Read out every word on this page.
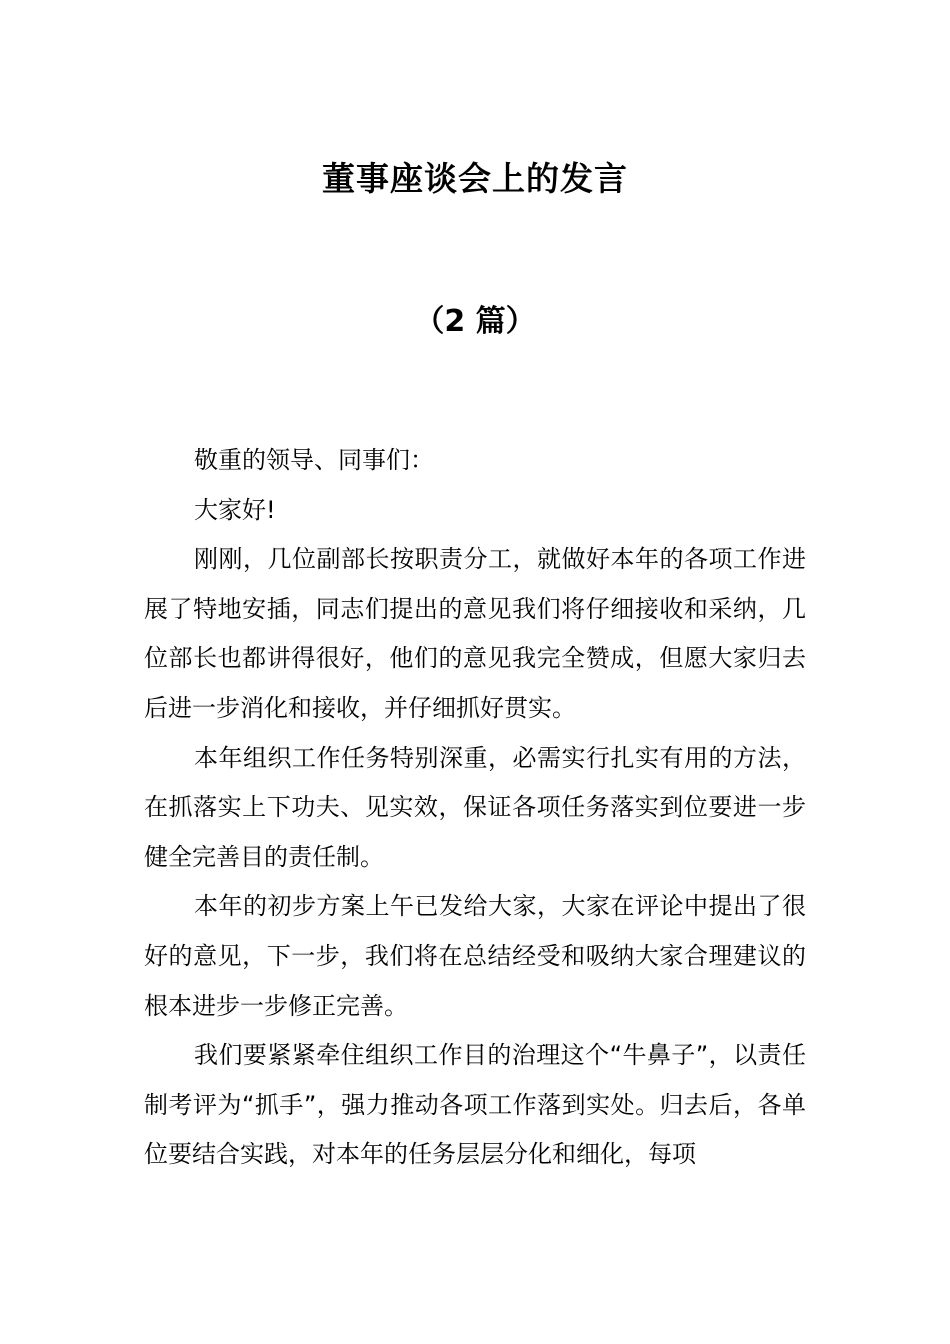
董事座谈会上的发言
（2 篇）

敬重的领导、同事们：

大家好!

刚刚，几位副部长按职责分工，就做好本年的各项工作进展了特地安插，同志们提出的意见我们将仔细接收和采纳，几位部长也都讲得很好，他们的意见我完全赞成，但愿大家归去后进一步消化和接收，并仔细抓好贯实。

本年组织工作任务特别深重，必需实行扎实有用的方法，在抓落实上下功夫、见实效，保证各项任务落实到位要进一步健全完善目的责任制。

本年的初步方案上午已发给大家，大家在评论中提出了很好的意见，下一步，我们将在总结经受和吸纳大家合理建议的根本进步一步修正完善。

我们要紧紧牵住组织工作目的治理这个“牛鼻子”，以责任制考评为“抓手”，强力推动各项工作落到实处。归去后，各单位要结合实践，对本年的任务层层分化和细化，每项
